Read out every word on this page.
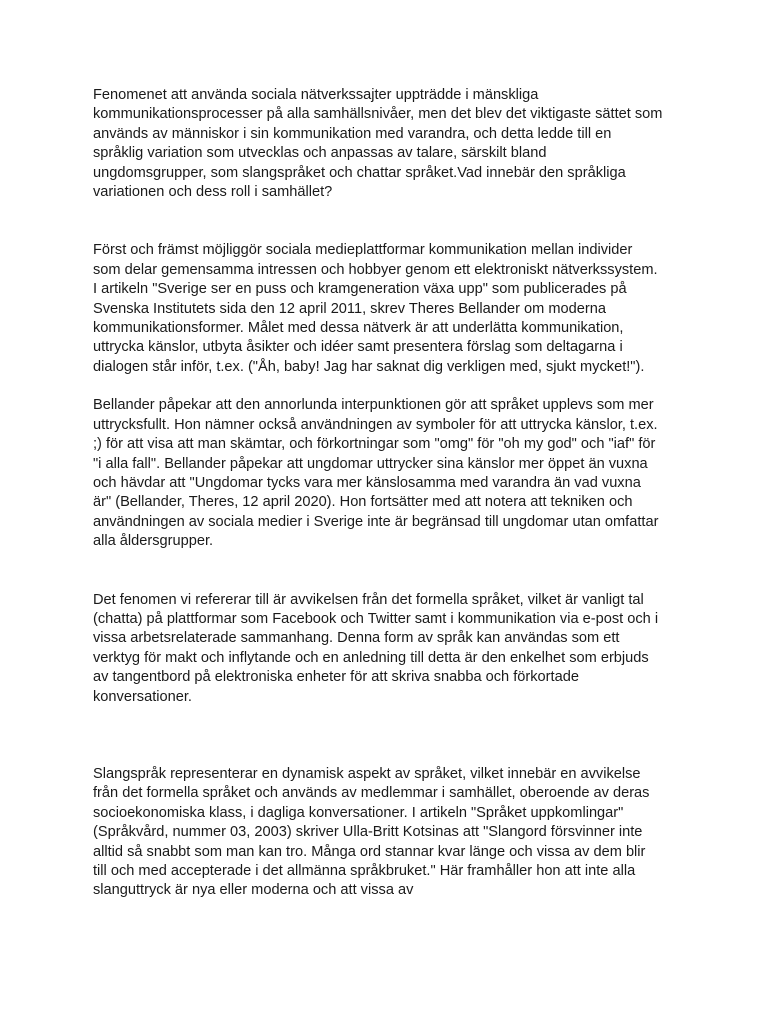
Fenomenet att använda sociala nätverkssajter uppträdde i mänskliga kommunikationsprocesser på alla samhällsnivåer, men det blev det viktigaste sättet som används av människor i sin kommunikation med varandra, och detta ledde till en språklig variation som utvecklas och anpassas av talare, särskilt bland ungdomsgrupper, som slangspråket och chattar språket.Vad innebär den språkliga variationen och dess roll i samhället?

Först och främst möjliggör sociala medieplattformar kommunikation mellan individer som delar gemensamma intressen och hobbyer genom ett elektroniskt nätverkssystem. I artikeln "Sverige ser en puss och kramgeneration växa upp" som publicerades på Svenska Institutets sida den 12 april 2011, skrev Theres Bellander om moderna kommunikationsformer. Målet med dessa nätverk är att underlätta kommunikation, uttrycka känslor, utbyta åsikter och idéer samt presentera förslag som deltagarna i dialogen står inför, t.ex. ("Åh, baby! Jag har saknat dig verkligen med, sjukt mycket!").

Bellander påpekar att den annorlunda interpunktionen gör att språket upplevs som mer uttrycksfullt. Hon nämner också användningen av symboler för att uttrycka känslor, t.ex. ;) för att visa att man skämtar, och förkortningar som "omg" för "oh my god" och "iaf" för "i alla fall". Bellander påpekar att ungdomar uttrycker sina känslor mer öppet än vuxna och hävdar att "Ungdomar tycks vara mer känslosamma med varandra än vad vuxna är" (Bellander, Theres, 12 april 2020). Hon fortsätter med att notera att tekniken och användningen av sociala medier i Sverige inte är begränsad till ungdomar utan omfattar alla åldersgrupper.

Det fenomen vi refererar till är avvikelsen från det formella språket, vilket är vanligt tal (chatta) på plattformar som Facebook och Twitter samt i kommunikation via e-post och i vissa arbetsrelaterade sammanhang. Denna form av språk kan användas som ett verktyg för makt och inflytande och en anledning till detta är den enkelhet som erbjuds av tangentbord på elektroniska enheter för att skriva snabba och förkortade konversationer.

Slangspråk representerar en dynamisk aspekt av språket, vilket innebär en avvikelse från det formella språket och används av medlemmar i samhället, oberoende av deras socioekonomiska klass, i dagliga konversationer. I artikeln "Språket uppkomlingar" (Språkvård, nummer 03, 2003) skriver Ulla-Britt Kotsinas att "Slangord försvinner inte alltid så snabbt som man kan tro. Många ord stannar kvar länge och vissa av dem blir till och med accepterade i det allmänna språkbruket." Här framhåller hon att inte alla slanguttryck är nya eller moderna och att vissa av
